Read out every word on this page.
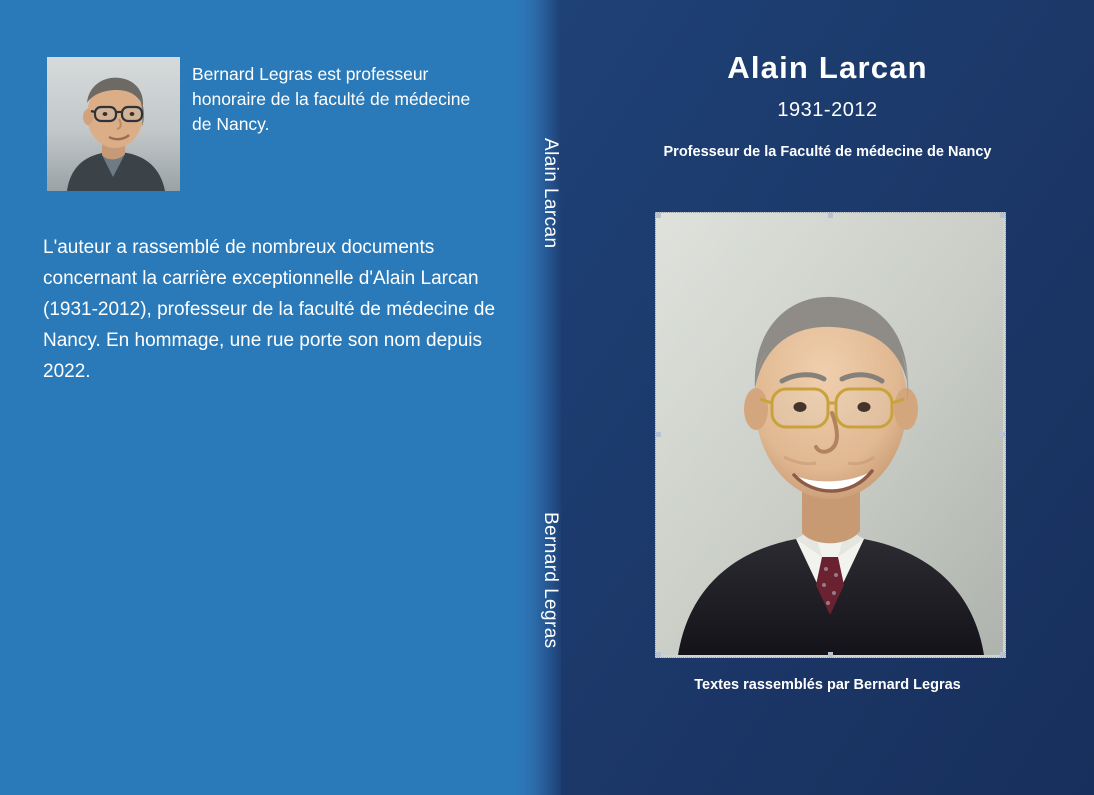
Bernard Legras est professeur honoraire de la faculté de médecine de Nancy.
L'auteur a rassemblé de nombreux documents concernant la carrière exceptionnelle d'Alain Larcan (1931-2012), professeur de la faculté de médecine de Nancy. En hommage, une rue porte son nom depuis 2022.
Alain Larcan
Bernard Legras
Alain Larcan
1931-2012
Professeur de la Faculté de médecine de Nancy
Textes rassemblés par Bernard Legras
